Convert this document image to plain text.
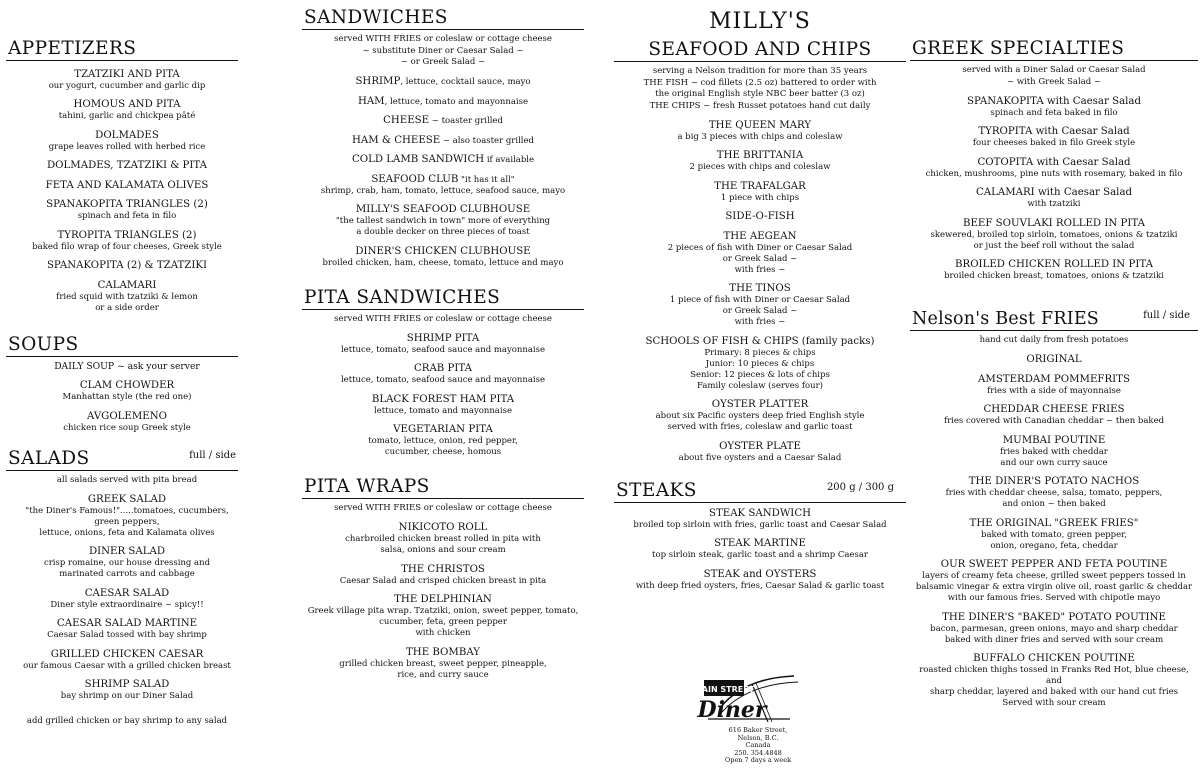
APPETIZERS
TZATZIKI AND PITA
our yogurt, cucumber and garlic dip
HOMOUS AND PITA
tahini, garlic and chickpea pâté
DOLMADES
grape leaves rolled with herbed rice
DOLMADES, TZATZIKI & PITA
FETA AND KALAMATA OLIVES
SPANAKOPITA TRIANGLES (2)
spinach and feta in filo
TYROPITA TRIANGLES (2)
baked filo wrap of four cheeses, Greek style
SPANAKOPITA (2) & TZATZIKI
CALAMARI
fried squid with tzatziki & lemon
or a side order
SOUPS
DAILY SOUP ~ ask your server
CLAM CHOWDER
Manhattan style (the red one)
AVGOLEMENO
chicken rice soup Greek style
SALADS	full / side
all salads served with pita bread
GREEK SALAD
"the Diner's Famous!".....tomatoes, cucumbers, green peppers,
lettuce, onions, feta and Kalamata olives
DINER SALAD
crisp romaine, our house dressing and
marinated carrots and cabbage
CAESAR SALAD
Diner style extraordinaire ~ spicy!!
CAESAR SALAD MARTINE
Caesar Salad tossed with bay shrimp
GRILLED CHICKEN CAESAR
our famous Caesar with a grilled chicken breast
SHRIMP SALAD
bay shrimp on our Diner Salad
add grilled chicken or bay shrimp to any salad
SANDWICHES
served WITH FRIES or coleslaw or cottage cheese
~ substitute Diner or Caesar Salad ~
~ or Greek Salad ~
SHRIMP, lettuce, cocktail sauce, mayo
HAM, lettuce, tomato and mayonnaise
CHEESE ~ toaster grilled
HAM & CHEESE ~ also toaster grilled
COLD LAMB SANDWICH if available
SEAFOOD CLUB "it has it all"
shrimp, crab, ham, tomato, lettuce, seafood sauce, mayo
MILLY'S SEAFOOD CLUBHOUSE
"the tallest sandwich in town" more of everything
a double decker on three pieces of toast
DINER'S CHICKEN CLUBHOUSE
broiled chicken, ham, cheese, tomato, lettuce and mayo
PITA SANDWICHES
served WITH FRIES or coleslaw or cottage cheese
SHRIMP PITA
lettuce, tomato, seafood sauce and mayonnaise
CRAB PITA
lettuce, tomato, seafood sauce and mayonnaise
BLACK FOREST HAM PITA
lettuce, tomato and mayonnaise
VEGETARIAN PITA
tomato, lettuce, onion, red pepper,
cucumber, cheese, homous
PITA WRAPS
served WITH FRIES or coleslaw or cottage cheese
NIKICOTO ROLL
charbroiled chicken breast rolled in pita with
salsa, onions and sour cream
THE CHRISTOS
Caesar Salad and crisped chicken breast in pita
THE DELPHINIAN
Greek village pita wrap. Tzatziki, onion, sweet pepper, tomato,
cucumber, feta, green pepper
with chicken
THE BOMBAY
grilled chicken breast, sweet pepper, pineapple,
rice, and curry sauce
MILLY'S
SEAFOOD AND CHIPS
serving a Nelson tradition for more than 35 years
THE FISH ~ cod fillets (2.5 oz) battered to order with
the original English style NBC beer batter (3 oz)
THE CHIPS ~ fresh Russet potatoes hand cut daily
THE QUEEN MARY
a big 3 pieces with chips and coleslaw
THE BRITTANIA
2 pieces with chips and coleslaw
THE TRAFALGAR
1 piece with chips
SIDE-O-FISH
THE AEGEAN
2 pieces of fish with Diner or Caesar Salad
or Greek Salad ~
with fries ~
THE TINOS
1 piece of fish with Diner or Caesar Salad
or Greek Salad ~
with fries ~
SCHOOLS OF FISH & CHIPS (family packs)
Primary: 8 pieces & chips
Junior: 10 pieces & chips
Senior: 12 pieces & lots of chips
Family coleslaw (serves four)
OYSTER PLATTER
about six Pacific oysters deep fried English style
served with fries, coleslaw and garlic toast
OYSTER PLATE
about five oysters and a Caesar Salad
STEAKS	200 g / 300 g
STEAK SANDWICH
broiled top sirloin with fries, garlic toast and Caesar Salad
STEAK MARTINE
top sirloin steak, garlic toast and a shrimp Caesar
STEAK and OYSTERS
with deep fried oysters, fries, Caesar Salad & garlic toast
MAIN STREET
Diner
616 Baker Street,
Nelson, B.C.
Canada
250. 354.4848
Open 7 days a week
GREEK SPECIALTIES
served with a Diner Salad or Caesar Salad
~ with Greek Salad ~
SPANAKOPITA with Caesar Salad
spinach and feta baked in filo
TYROPITA with Caesar Salad
four cheeses baked in filo Greek style
COTOPITA with Caesar Salad
chicken, mushrooms, pine nuts with rosemary, baked in filo
CALAMARI with Caesar Salad
with tzatziki
BEEF SOUVLAKI ROLLED IN PITA
skewered, broiled top sirloin, tomatoes, onions & tzatziki
or just the beef roll without the salad
BROILED CHICKEN ROLLED IN PITA
broiled chicken breast, tomatoes, onions & tzatziki
Nelson's Best FRIES	full / side
hand cut daily from fresh potatoes
ORIGINAL
AMSTERDAM POMMEFRITS
fries with a side of mayonnaise
CHEDDAR CHEESE FRIES
fries covered with Canadian cheddar ~ then baked
MUMBAI POUTINE
fries baked with cheddar
and our own curry sauce
THE DINER'S POTATO NACHOS
fries with cheddar cheese, salsa, tomato, peppers,
and onion ~ then baked
THE ORIGINAL "GREEK FRIES"
baked with tomato, green pepper,
onion, oregano, feta, cheddar
OUR SWEET PEPPER AND FETA POUTINE
layers of creamy feta cheese, grilled sweet peppers tossed in
balsamic vinegar & extra virgin olive oil, roast garlic & cheddar
with our famous fries. Served with chipotle mayo
THE DINER'S "BAKED" POTATO POUTINE
bacon, parmesan, green onions, mayo and sharp cheddar
baked with diner fries and served with sour cream
BUFFALO CHICKEN POUTINE
roasted chicken thighs tossed in Franks Red Hot, blue cheese, and
sharp cheddar, layered and baked with our hand cut fries
Served with sour cream
